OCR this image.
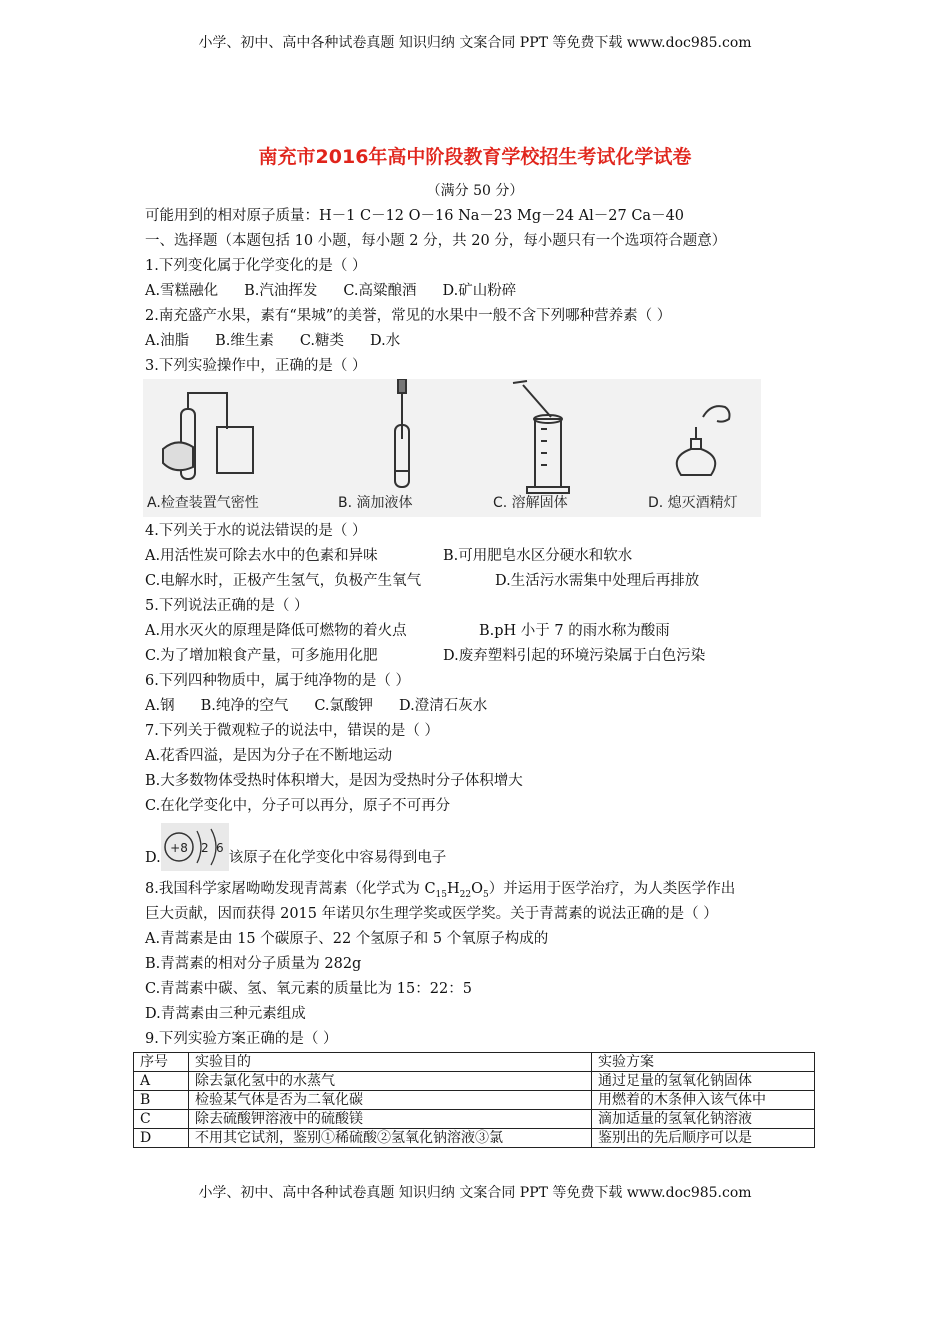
小学、初中、高中各种试卷真题 知识归纳 文案合同 PPT 等免费下载 www.doc985.com
南充市2016年高中阶段教育学校招生考试化学试卷
（满分 50 分）
可能用到的相对原子质量：H－1 C－12 O－16 Na－23 Mg－24 Al－27 Ca－40
一、选择题（本题包括 10 小题，每小题 2 分，共 20 分，每小题只有一个选项符合题意）
1.下列变化属于化学变化的是（ ）
A.雪糕融化 B.汽油挥发 C.高粱酿酒 D.矿山粉碎
2.南充盛产水果，素有“果城”的美誉，常见的水果中一般不含下列哪种营养素（ ）
A.油脂 B.维生素 C.糖类 D.水
3.下列实验操作中，正确的是（ ）
A.检查装置气密性	B. 滴加液体	C. 溶解固体	D. 熄灭酒精灯
4.下列关于水的说法错误的是（ ）
A.用活性炭可除去水中的色素和异味	B.可用肥皂水区分硬水和软水
C.电解水时，正极产生氢气，负极产生氧气	D.生活污水需集中处理后再排放
5.下列说法正确的是（ ）
A.用水灭火的原理是降低可燃物的着火点	B.pH 小于 7 的雨水称为酸雨
C.为了增加粮食产量，可多施用化肥	D.废弃塑料引起的环境污染属于白色污染
6.下列四种物质中，属于纯净物的是（ ）
A.钢 B.纯净的空气 C.氯酸钾 D.澄清石灰水
7.下列关于微观粒子的说法中，错误的是（ ）
A.花香四溢，是因为分子在不断地运动
B.大多数物体受热时体积增大，是因为受热时分子体积增大
C.在化学变化中，分子可以再分，原子不可再分
D.
+8 2 6
该原子在化学变化中容易得到电子
8.我国科学家屠呦呦发现青蒿素（化学式为 $C_{15}H_{22}O_5$）并运用于医学治疗，为人类医学作出
巨大贡献，因而获得 2015 年诺贝尔生理学奖或医学奖。关于青蒿素的说法正确的是（ ）
A.青蒿素是由 15 个碳原子、22 个氢原子和 5 个氧原子构成的
B.青蒿素的相对分子质量为 282g
C.青蒿素中碳、氢、氧元素的质量比为 15：22：5
D.青蒿素由三种元素组成
9.下列实验方案正确的是（ ）
序号	实验目的	实验方案
A	除去氯化氢中的水蒸气	通过足量的氢氧化钠固体
B	检验某气体是否为二氧化碳	用燃着的木条伸入该气体中
C	除去硫酸钾溶液中的硫酸镁	滴加适量的氢氧化钠溶液
D	不用其它试剂，鉴别①稀硫酸②氢氧化钠溶液③氯	鉴别出的先后顺序可以是
小学、初中、高中各种试卷真题 知识归纳 文案合同 PPT 等免费下载 www.doc985.com
